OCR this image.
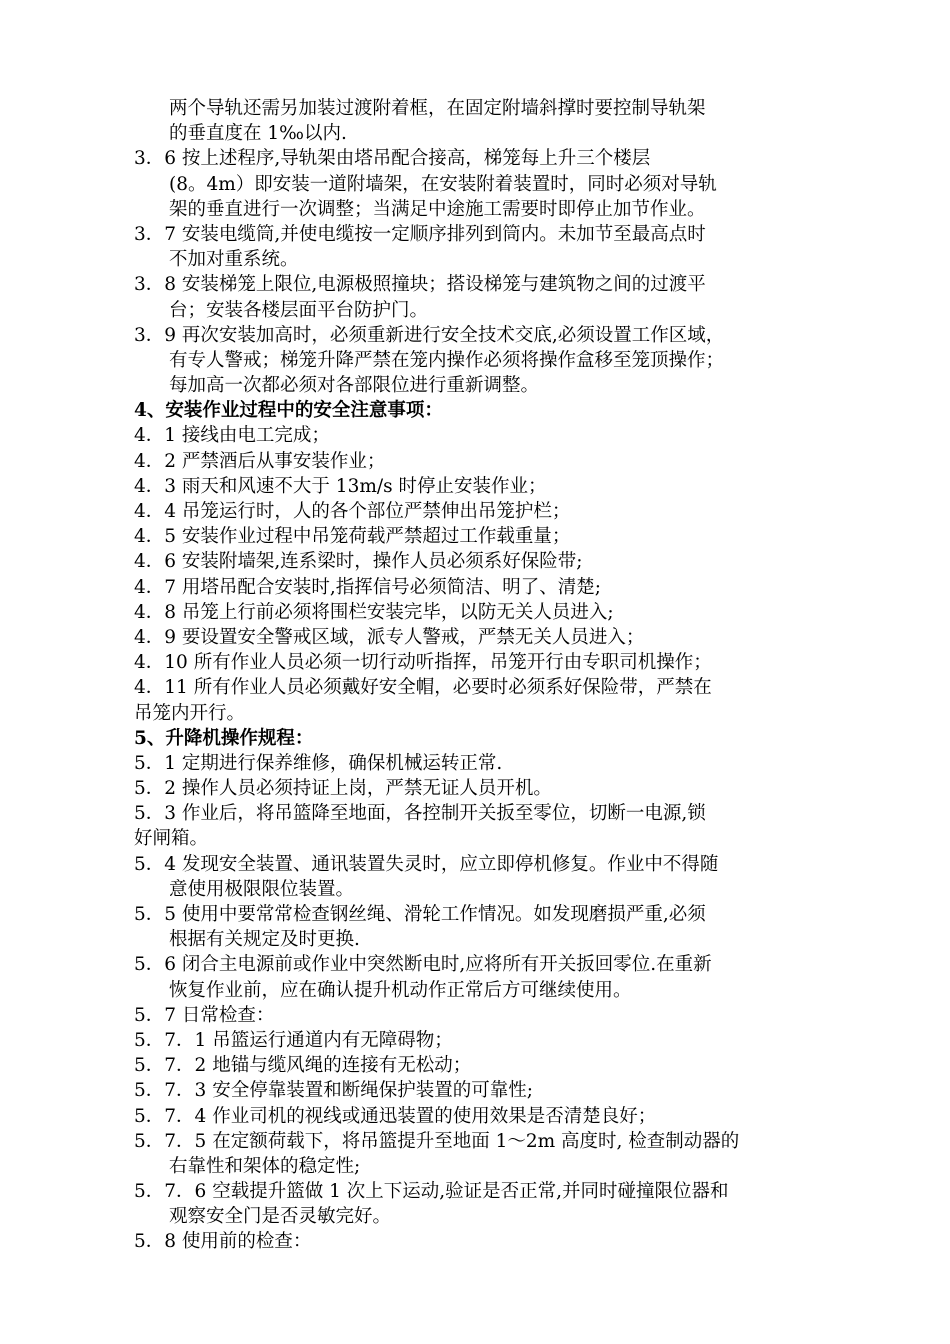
两个导轨还需另加装过渡附着框，在固定附墙斜撑时要控制导轨架
的垂直度在 1‰以内.
3．6 按上述程序,导轨架由塔吊配合接高，梯笼每上升三个楼层
(8。4m）即安装一道附墙架，在安装附着装置时，同时必须对导轨
架的垂直进行一次调整；当满足中途施工需要时即停止加节作业。
3．7 安装电缆筒,并使电缆按一定顺序排列到筒内。未加节至最高点时
不加对重系统。
3．8 安装梯笼上限位,电源极照撞块；搭设梯笼与建筑物之间的过渡平
台；安装各楼层面平台防护门。
3．9 再次安装加高时，必须重新进行安全技术交底,必须设置工作区域，
有专人警戒；梯笼升降严禁在笼内操作必须将操作盒移至笼顶操作；
每加高一次都必须对各部限位进行重新调整。
4、安装作业过程中的安全注意事项：
4．1 接线由电工完成；
4．2 严禁酒后从事安装作业；
4．3 雨天和风速不大于 13m/s 时停止安装作业；
4．4 吊笼运行时，人的各个部位严禁伸出吊笼护栏；
4．5 安装作业过程中吊笼荷载严禁超过工作载重量；
4．6 安装附墙架,连系梁时，操作人员必须系好保险带;
4．7 用塔吊配合安装时,指挥信号必须简洁、明了、清楚;
4．8 吊笼上行前必须将围栏安装完毕，以防无关人员进入;
4．9 要设置安全警戒区域，派专人警戒，严禁无关人员进入；
4．10 所有作业人员必须一切行动听指挥，吊笼开行由专职司机操作；
4．11 所有作业人员必须戴好安全帽，必要时必须系好保险带，严禁在
吊笼内开行。
5、升降机操作规程：
5．1 定期进行保养维修，确保机械运转正常.
5．2 操作人员必须持证上岗，严禁无证人员开机。
5．3 作业后，将吊篮降至地面，各控制开关扳至零位，切断一电源,锁
好闸箱。
5．4 发现安全装置、通讯装置失灵时，应立即停机修复。作业中不得随
意使用极限限位装置。
5．5 使用中要常常检查钢丝绳、滑轮工作情况。如发现磨损严重,必须
根据有关规定及时更换.
5．6 闭合主电源前或作业中突然断电时,应将所有开关扳回零位.在重新
恢复作业前，应在确认提升机动作正常后方可继续使用。
5．7 日常检查：
5．7．1 吊篮运行通道内有无障碍物；
5．7．2 地锚与缆风绳的连接有无松动；
5．7．3 安全停靠装置和断绳保护装置的可靠性;
5．7．4 作业司机的视线或通迅装置的使用效果是否清楚良好；
5．7．5 在定额荷载下，将吊篮提升至地面 1～2m 高度时, 检查制动器的
右靠性和架体的稳定性;
5．7．6 空载提升篮做 1 次上下运动,验证是否正常,并同时碰撞限位器和
观察安全门是否灵敏完好。
5．8 使用前的检查：
